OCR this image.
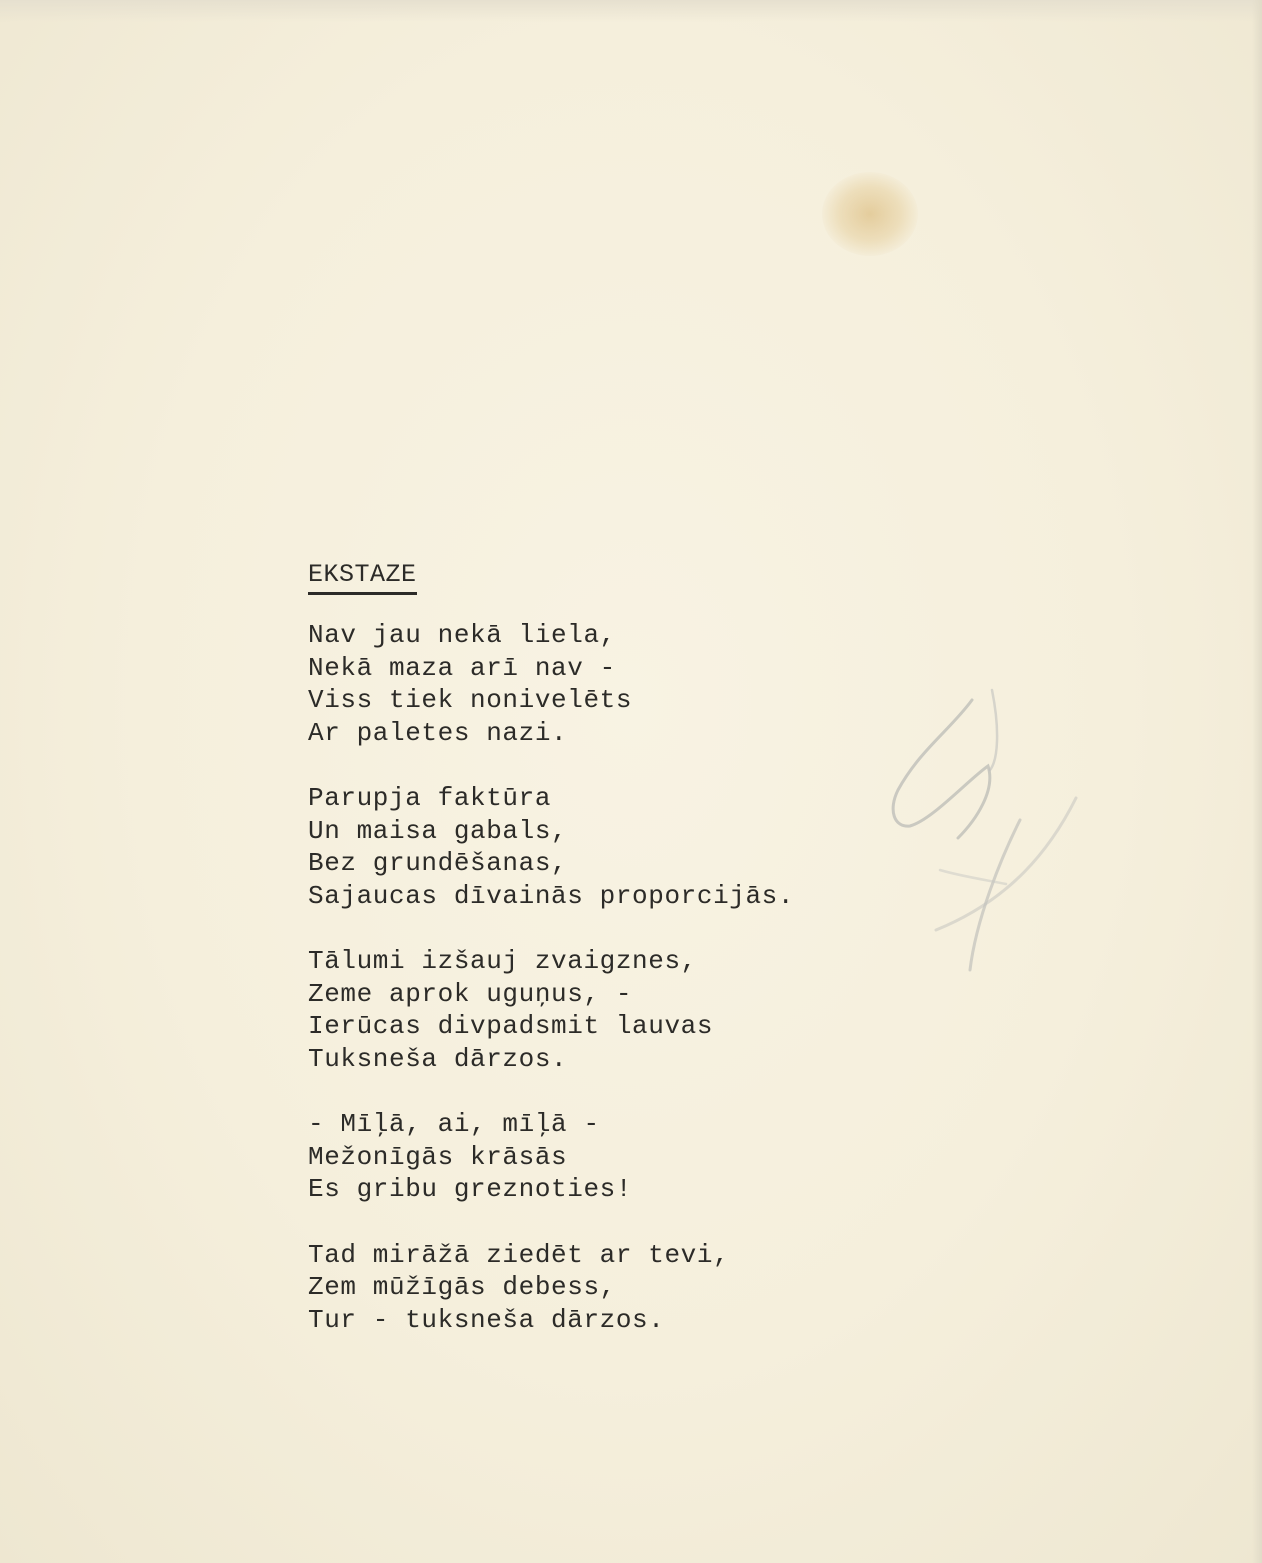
EKSTAZE
Nav jau nekā liela,
Nekā maza arī nav -
Viss tiek nonivelēts
Ar paletes nazi.
Parupja faktūra
Un maisa gabals,
Bez grundēšanas,
Sajaucas dīvainās proporcijās.
Tālumi izšauj zvaigznes,
Zeme aprok uguņus, -
Ierūcas divpadsmit lauvas
Tuksneša dārzos.
- Mīļā, ai, mīļā -
Mežonīgās krāsās
Es gribu greznoties!
Tad mirāžā ziedēt ar tevi,
Zem mūžīgās debess,
Tur - tuksneša dārzos.
